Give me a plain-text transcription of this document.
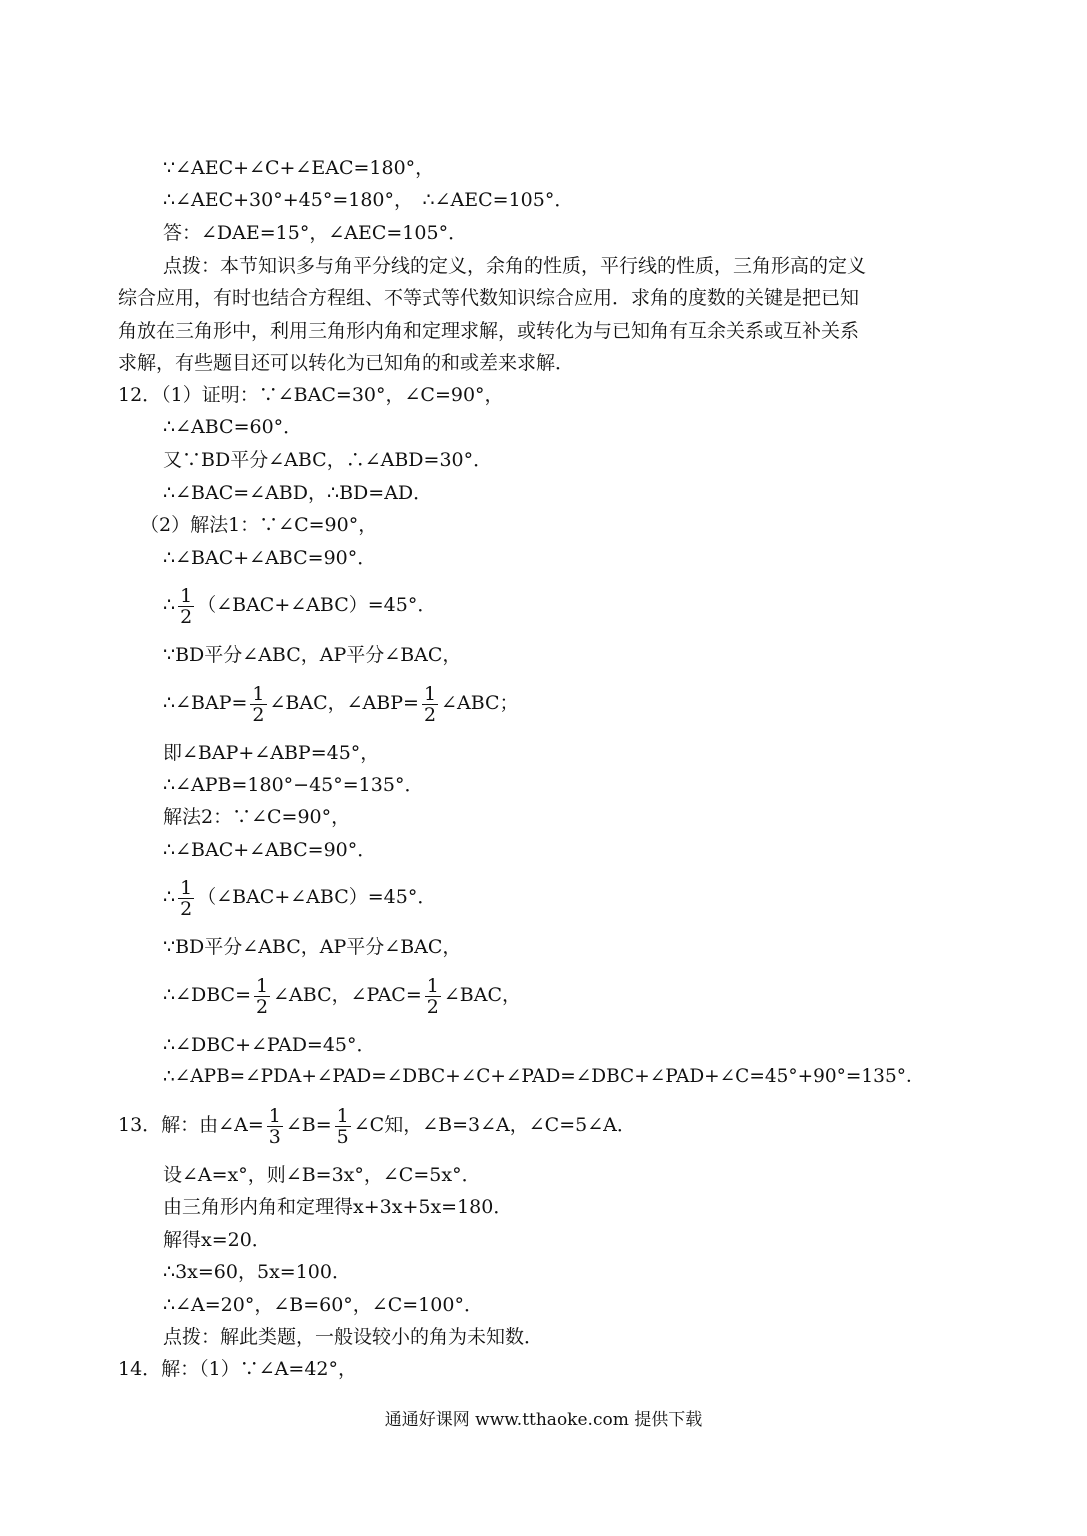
∵∠AEC+∠C+∠EAC=180°，
∴∠AEC+30°+45°=180°，　∴∠AEC=105°．
答：∠DAE=15°，∠AEC=105°．
点拨：本节知识多与角平分线的定义，余角的性质，平行线的性质，三角形高的定义
综合应用，有时也结合方程组、不等式等代数知识综合应用．求角的度数的关键是把已知
角放在三角形中，利用三角形内角和定理求解，或转化为与已知角有互余关系或互补关系
求解，有些题目还可以转化为已知角的和或差来求解．
12．（1）证明：∵∠BAC=30°，∠C=90°，
∴∠ABC=60°．
又∵BD平分∠ABC，∴∠ABD=30°．
∴∠BAC=∠ABD，∴BD=AD．
（2）解法1：∵∠C=90°，
∴∠BAC+∠ABC=90°．
∴ $\frac{1}{2}$ （∠BAC+∠ABC）=45°．
∵BD平分∠ABC，AP平分∠BAC，
∴∠BAP= $\frac{1}{2}$ ∠BAC，∠ABP= $\frac{1}{2}$ ∠ABC；
即∠BAP+∠ABP=45°，
∴∠APB=180°−45°=135°．
解法2：∵∠C=90°，
∴∠BAC+∠ABC=90°．
∴ $\frac{1}{2}$ （∠BAC+∠ABC）=45°．
∵BD平分∠ABC，AP平分∠BAC，
∴∠DBC= $\frac{1}{2}$ ∠ABC，∠PAC= $\frac{1}{2}$ ∠BAC，
∴∠DBC+∠PAD=45°．
∴∠APB=∠PDA+∠PAD=∠DBC+∠C+∠PAD=∠DBC+∠PAD+∠C=45°+90°=135°．
13．解：由∠A= $\frac{1}{3}$ ∠B= $\frac{1}{5}$ ∠C知，∠B=3∠A，∠C=5∠A．
设∠A=x°，则∠B=3x°，∠C=5x°．
由三角形内角和定理得x+3x+5x=180．
解得x=20．
∴3x=60，5x=100．
∴∠A=20°，∠B=60°，∠C=100°．
点拨：解此类题，一般设较小的角为未知数．
14．解：（1）∵∠A=42°，
通通好课网 www.tthaoke.com 提供下载
